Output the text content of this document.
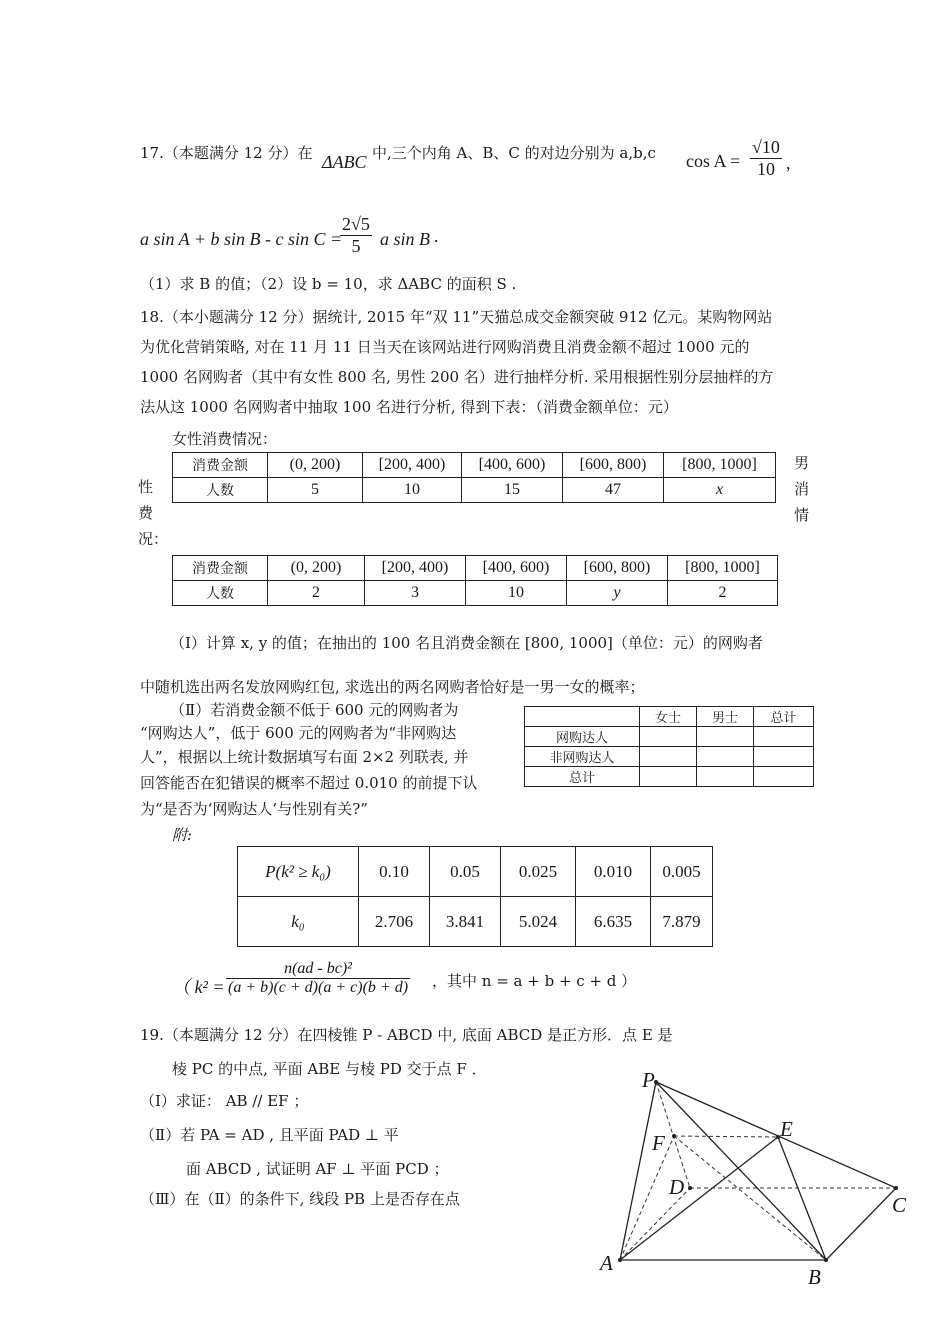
17.（本题满分 12 分）在 ΔABC 中,三个内角 A、B、C 的对边分别为 a,b,c $\cos A = \frac{√10}{10}$ ,
a sin A + b sin B - c sin C =
$\frac{2√5}{5}$ a sin B .
（1）求 B 的值；（2）设 b = 10，求 ΔABC 的面积 S .
18.（本小题满分 12 分）据统计, 2015 年“双 11”天猫总成交金额突破 912 亿元。某购物网站
为优化营销策略, 对在 11 月 11 日当天在该网站进行网购消费且消费金额不超过 1000 元的
1000 名网购者（其中有女性 800 名, 男性 200 名）进行抽样分析. 采用根据性别分层抽样的方
法从这 1000 名网购者中抽取 100 名进行分析, 得到下表：（消费金额单位：元）
女性消费情况：
消费金额	(0, 200)	[200, 400)	[400, 600)	[600, 800)	[800, 1000]
人数	5	10	15	47	x
性
费
况：
男
消
情
消费金额	(0, 200)	[200, 400)	[400, 600)	[600, 800)	[800, 1000]
人数	2	3	10	y	2
（Ⅰ）计算 x, y 的值；在抽出的 100 名且消费金额在 [800, 1000]（单位：元）的网购者
中随机选出两名发放网购红包, 求选出的两名网购者恰好是一男一女的概率；
（Ⅱ）若消费金额不低于 600 元的网购者为
“网购达人”，低于 600 元的网购者为“非网购达
人”，根据以上统计数据填写右面 2×2 列联表, 并
回答能否在犯错误的概率不超过 0.010 的前提下认
为“是否为‘网购达人’与性别有关?”
	女士	男士	总计
网购达人			
非网购达人			
总计			
附:
P(k² ≥ k₀)	0.10	0.05	0.025	0.010	0.005
k₀	2.706	3.841	5.024	6.635	7.879
（ $k^2 = \frac{\text{n(ad - bc)²}}{(a + b)(c + d)(a + c)(b + d)}$ ，其中 n = a + b + c + d ）
19.（本题满分 12 分）在四棱锥 P - ABCD 中, 底面 ABCD 是正方形．点 E 是
棱 PC 的中点, 平面 ABE 与棱 PD 交于点 F ．
（Ⅰ）求证： AB // EF ；
（Ⅱ）若 PA = AD , 且平面 PAD ⊥ 平
面 ABCD , 试证明 AF ⊥ 平面 PCD ；
（Ⅲ）在（Ⅱ）的条件下, 线段 PB 上是否存在点
P
E
F
D
C
A
B
